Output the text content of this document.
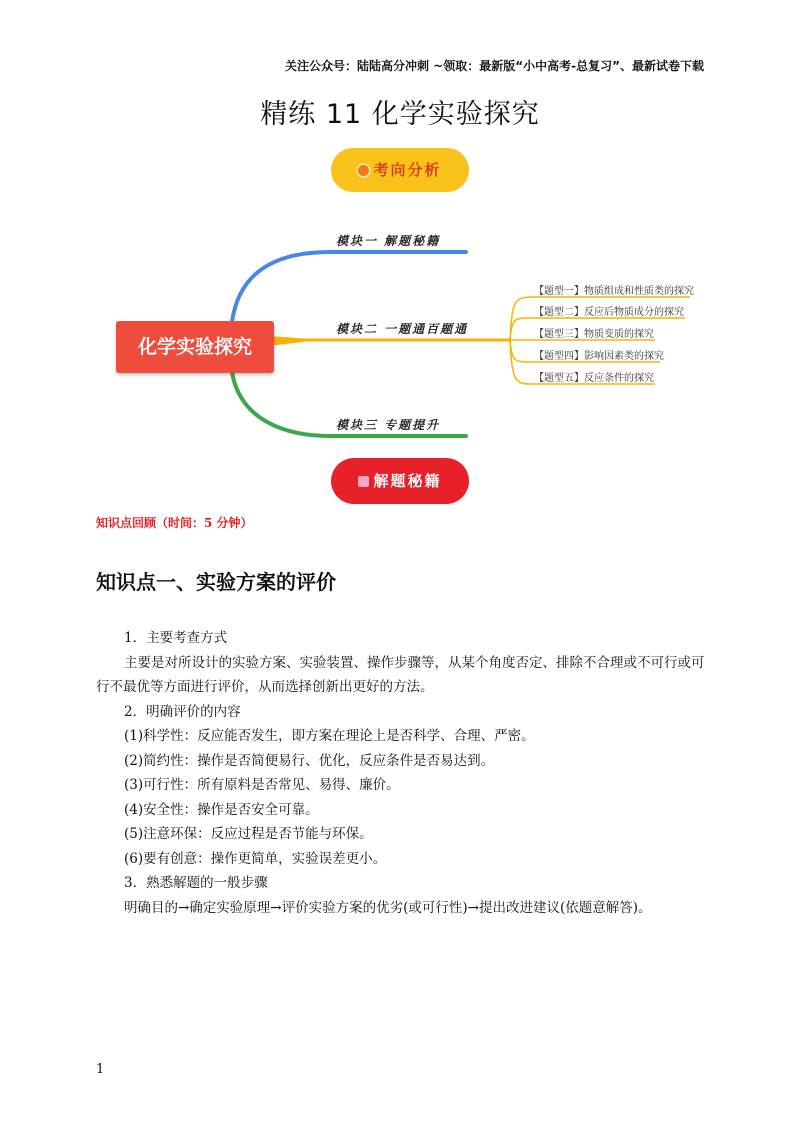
关注公众号：陆陆高分冲刺 ~领取：最新版“小中高考-总复习”、最新试卷下载
精练 11 化学实验探究
考向分析
化学实验探究
模块一 解题秘籍
模块二 一题通百题通
模块三 专题提升
【题型一】物质组成和性质类的探究
【题型二】反应后物质成分的探究
【题型三】物质变质的探究
【题型四】影响因素类的探究
【题型五】反应条件的探究
解题秘籍
知识点回顾（时间：5 分钟）
知识点一、实验方案的评价

1．主要考查方式

主要是对所设计的实验方案、实验装置、操作步骤等，从某个角度否定、排除不合理或不可行或可行不最优等方面进行评价，从而选择创新出更好的方法。

2．明确评价的内容

(1)科学性：反应能否发生，即方案在理论上是否科学、合理、严密。

(2)简约性：操作是否简便易行、优化，反应条件是否易达到。

(3)可行性：所有原料是否常见、易得、廉价。

(4)安全性：操作是否安全可靠。

(5)注意环保：反应过程是否节能与环保。

(6)要有创意：操作更简单，实验误差更小。

3．熟悉解题的一般步骤

明确目的→确定实验原理→评价实验方案的优劣(或可行性)→提出改进建议(依题意解答)。

1
